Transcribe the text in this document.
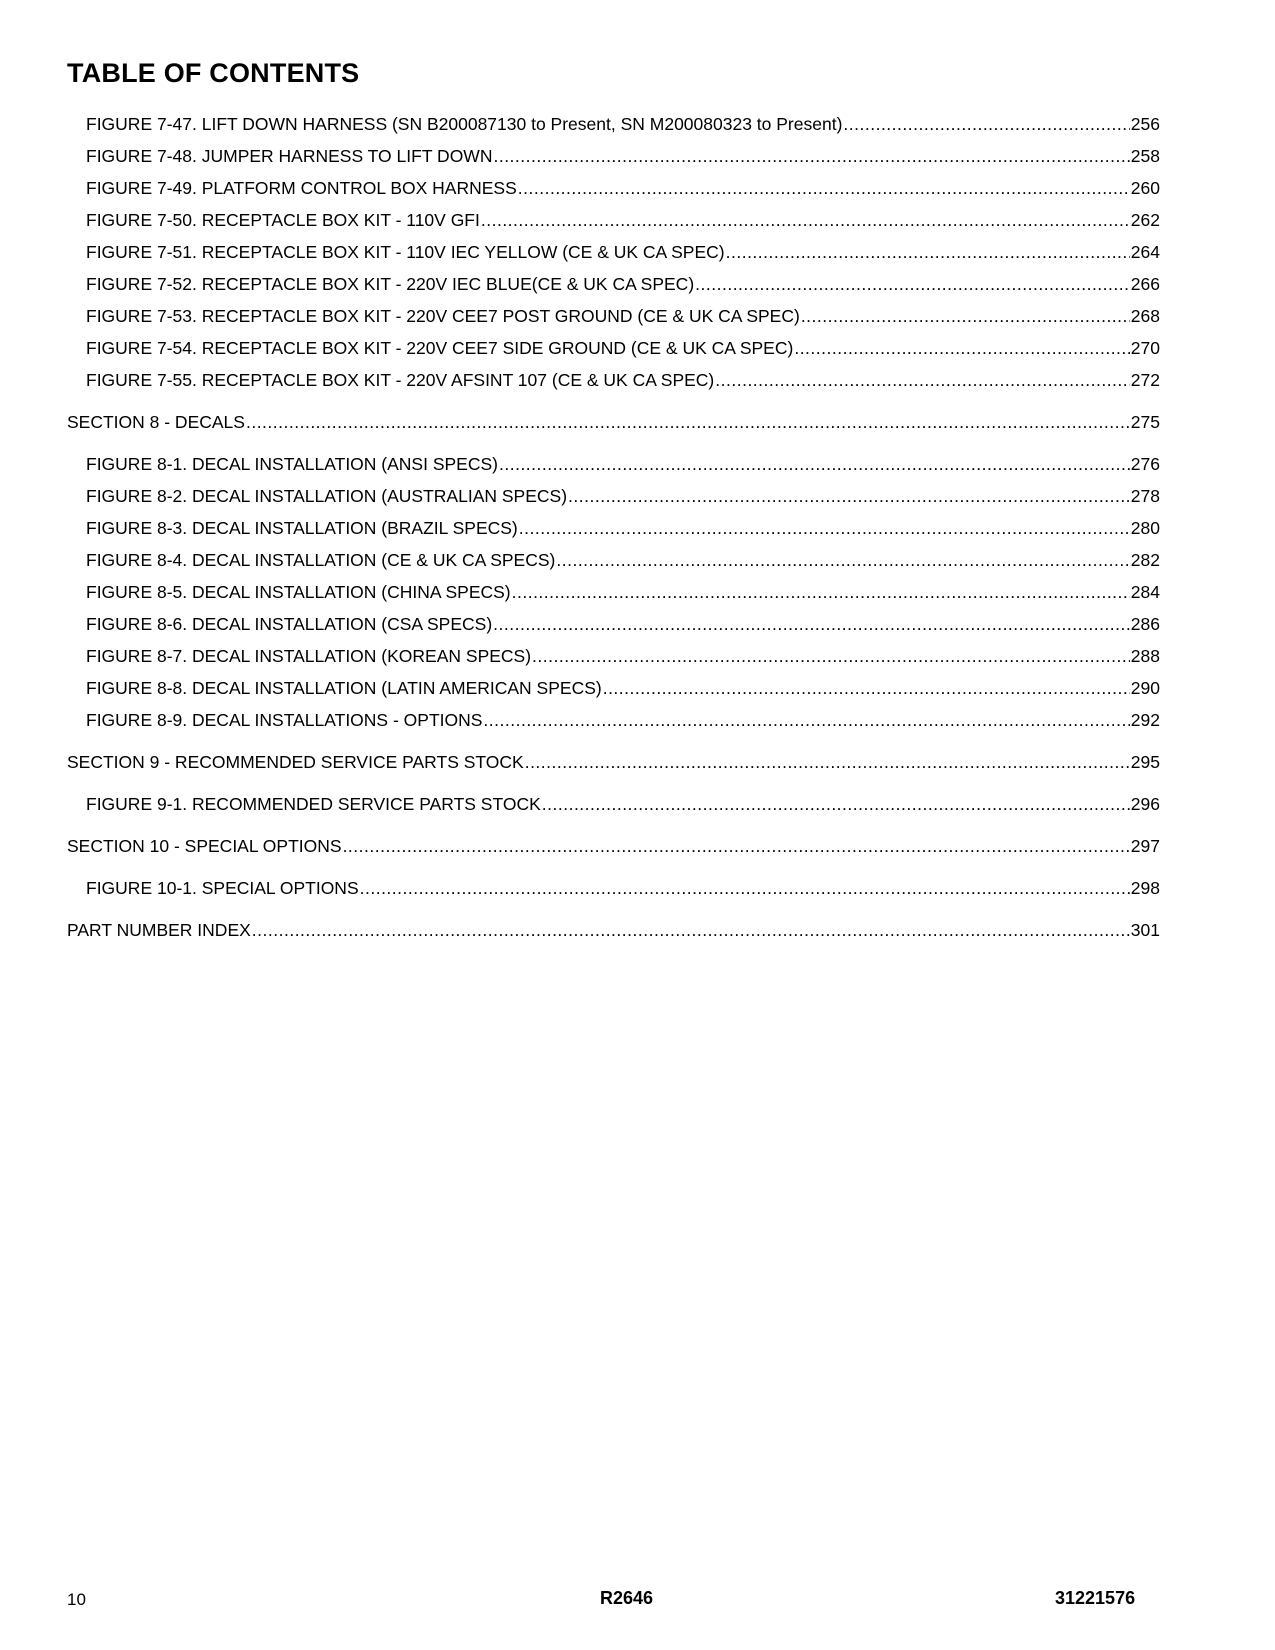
TABLE OF CONTENTS
FIGURE 7-47. LIFT DOWN HARNESS (SN B200087130 to Present, SN M200080323 to Present) .....	256
FIGURE 7-48. JUMPER HARNESS TO LIFT DOWN .....	258
FIGURE 7-49. PLATFORM CONTROL BOX HARNESS .....	260
FIGURE 7-50. RECEPTACLE BOX KIT - 110V GFI .....	262
FIGURE 7-51. RECEPTACLE BOX KIT - 110V IEC YELLOW (CE & UK CA SPEC) .....	264
FIGURE 7-52. RECEPTACLE BOX KIT - 220V IEC BLUE(CE & UK CA SPEC) .....	266
FIGURE 7-53. RECEPTACLE BOX KIT - 220V CEE7 POST GROUND (CE & UK CA SPEC) .....	268
FIGURE 7-54. RECEPTACLE BOX KIT - 220V CEE7 SIDE GROUND (CE & UK CA SPEC) .....	270
FIGURE 7-55. RECEPTACLE BOX KIT - 220V AFSINT 107 (CE & UK CA SPEC) .....	272
SECTION 8 - DECALS .....	275
FIGURE 8-1. DECAL INSTALLATION (ANSI SPECS) .....	276
FIGURE 8-2. DECAL INSTALLATION (AUSTRALIAN SPECS) .....	278
FIGURE 8-3. DECAL INSTALLATION (BRAZIL SPECS) .....	280
FIGURE 8-4. DECAL INSTALLATION (CE & UK CA SPECS) .....	282
FIGURE 8-5. DECAL INSTALLATION (CHINA SPECS) .....	284
FIGURE 8-6. DECAL INSTALLATION (CSA SPECS) .....	286
FIGURE 8-7. DECAL INSTALLATION (KOREAN SPECS) .....	288
FIGURE 8-8. DECAL INSTALLATION (LATIN AMERICAN SPECS) .....	290
FIGURE 8-9. DECAL INSTALLATIONS - OPTIONS .....	292
SECTION 9 - RECOMMENDED SERVICE PARTS STOCK .....	295
FIGURE 9-1. RECOMMENDED SERVICE PARTS STOCK .....	296
SECTION 10 - SPECIAL OPTIONS .....	297
FIGURE 10-1. SPECIAL OPTIONS .....	298
PART NUMBER INDEX .....	301
10	R2646	31221576
